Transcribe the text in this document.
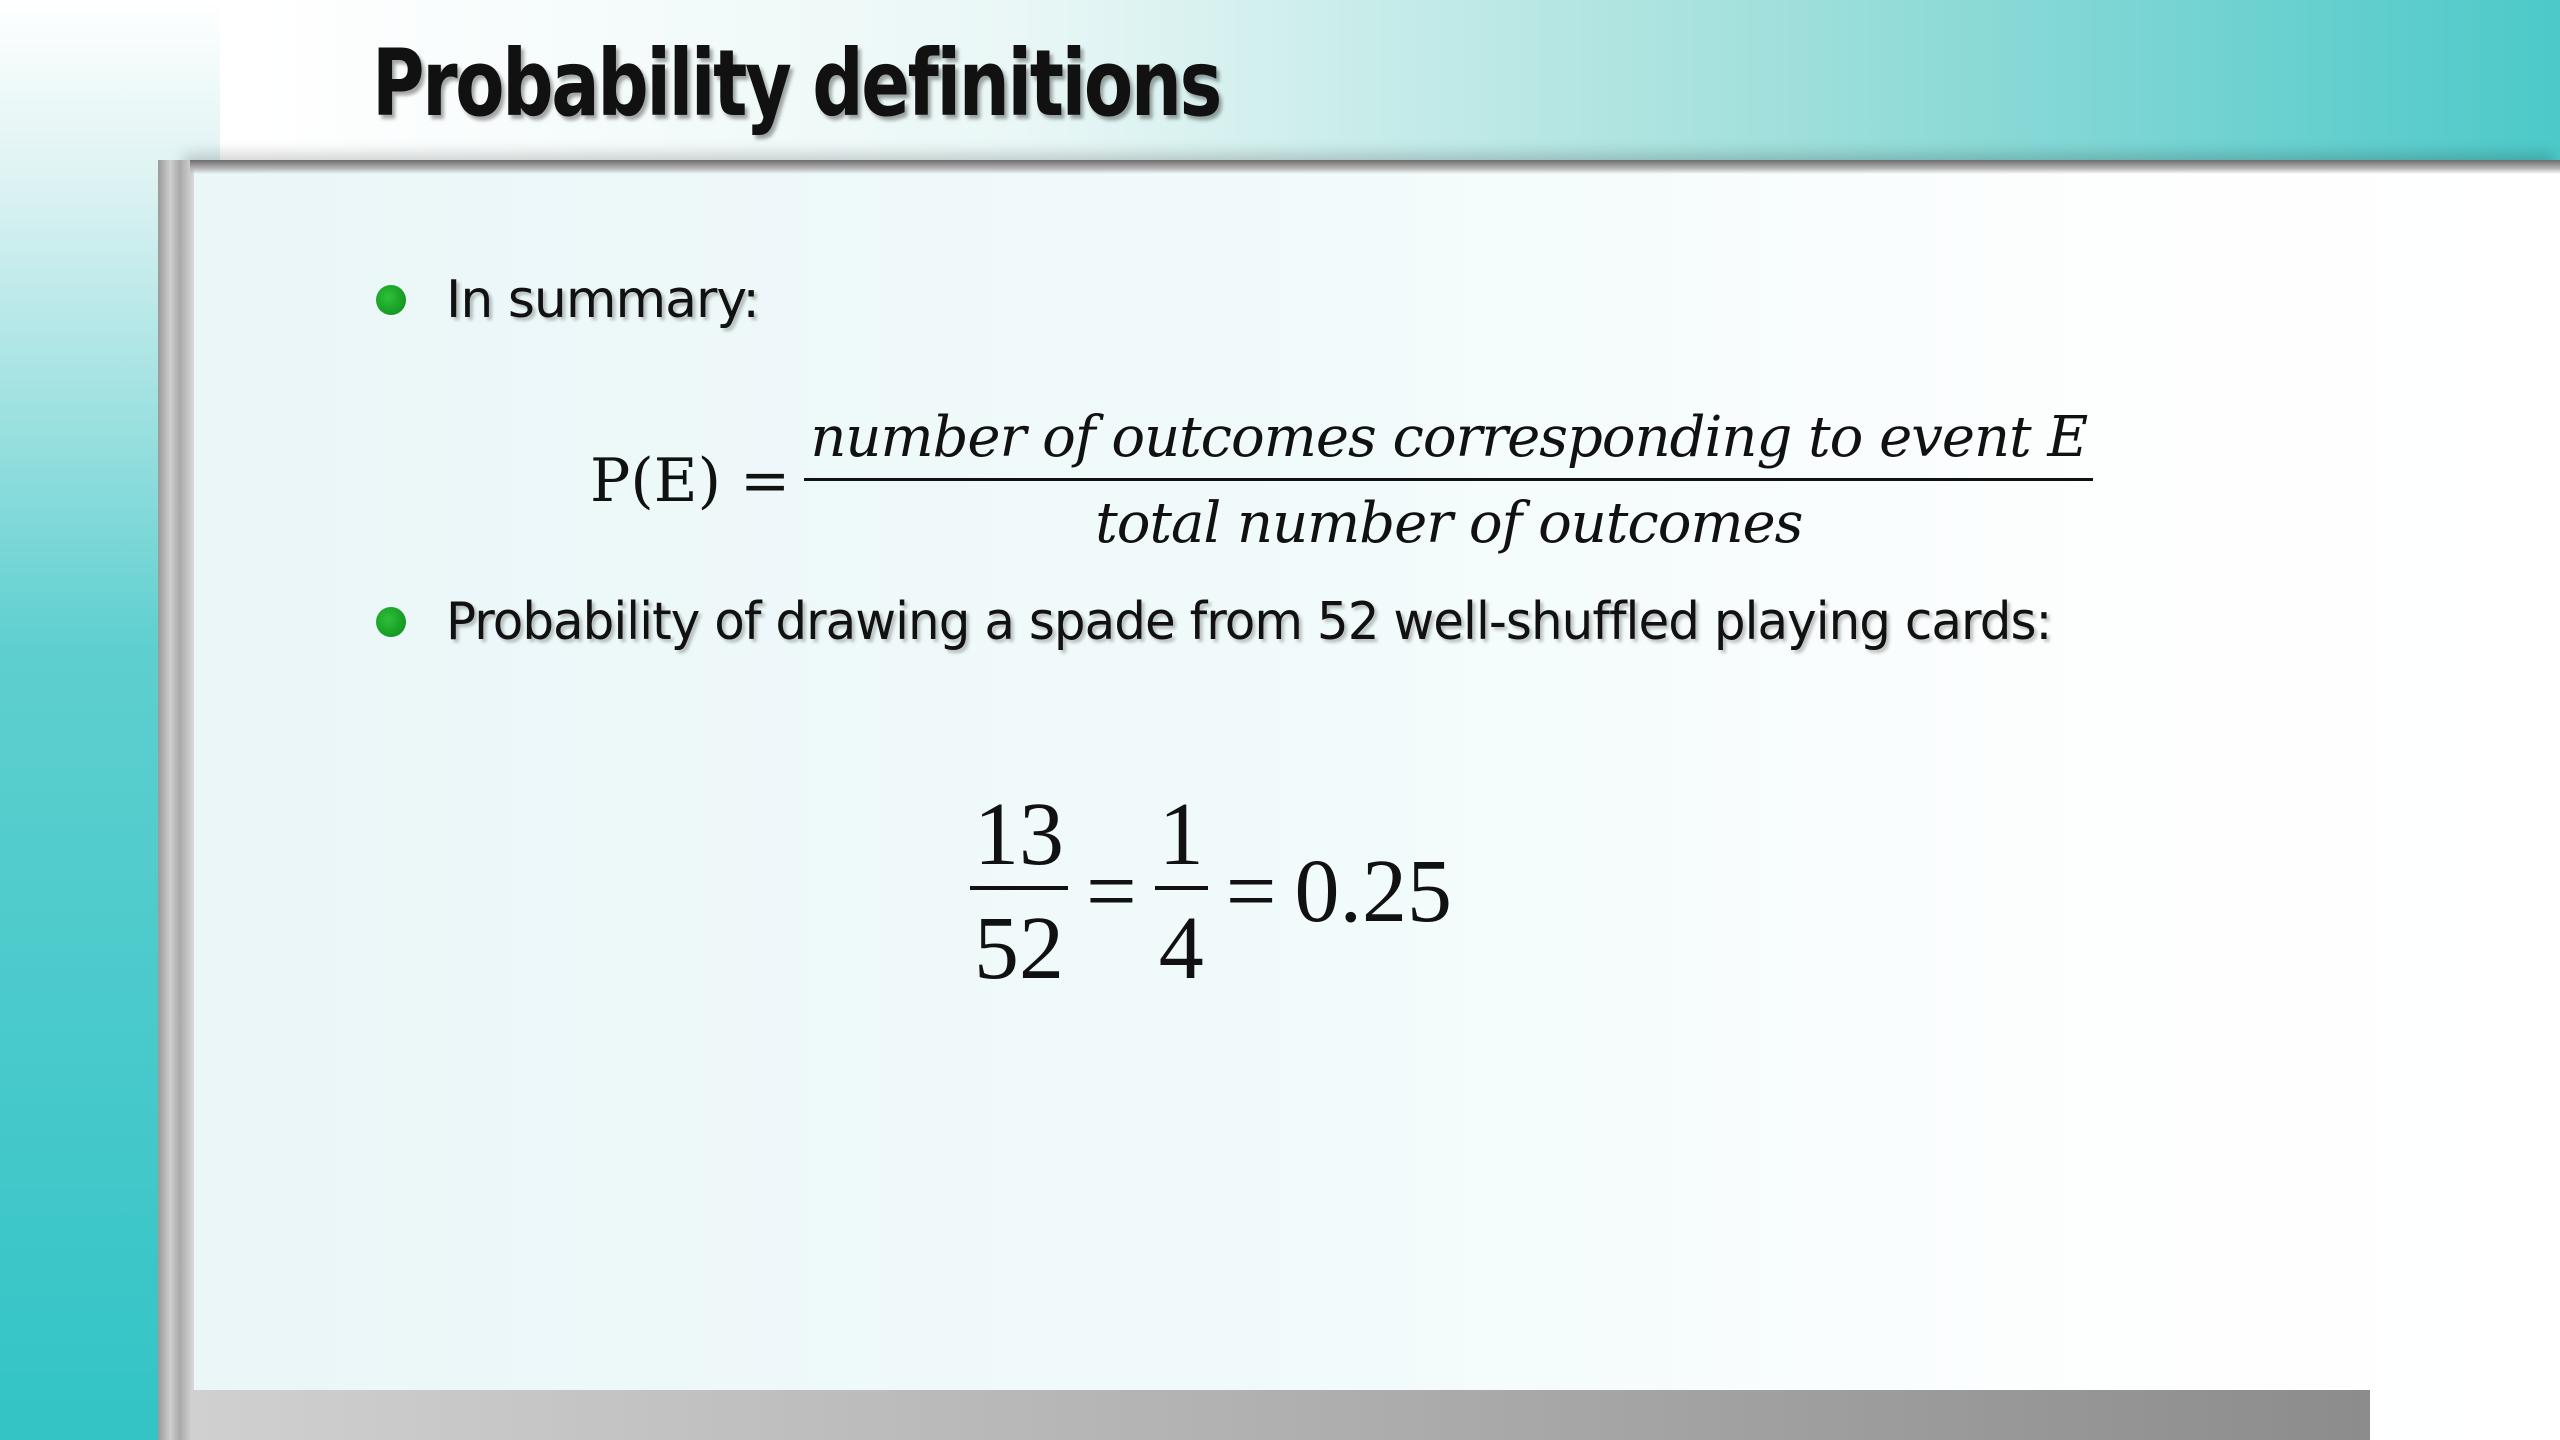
Probability definitions
In summary:
$P(E) = \frac{\text{number of outcomes corresponding to event E}}{\text{total number of outcomes}}$
Probability of drawing a spade from 52 well-shuffled playing cards:
$\frac{13}{52} = \frac{1}{4} = 0.25$
